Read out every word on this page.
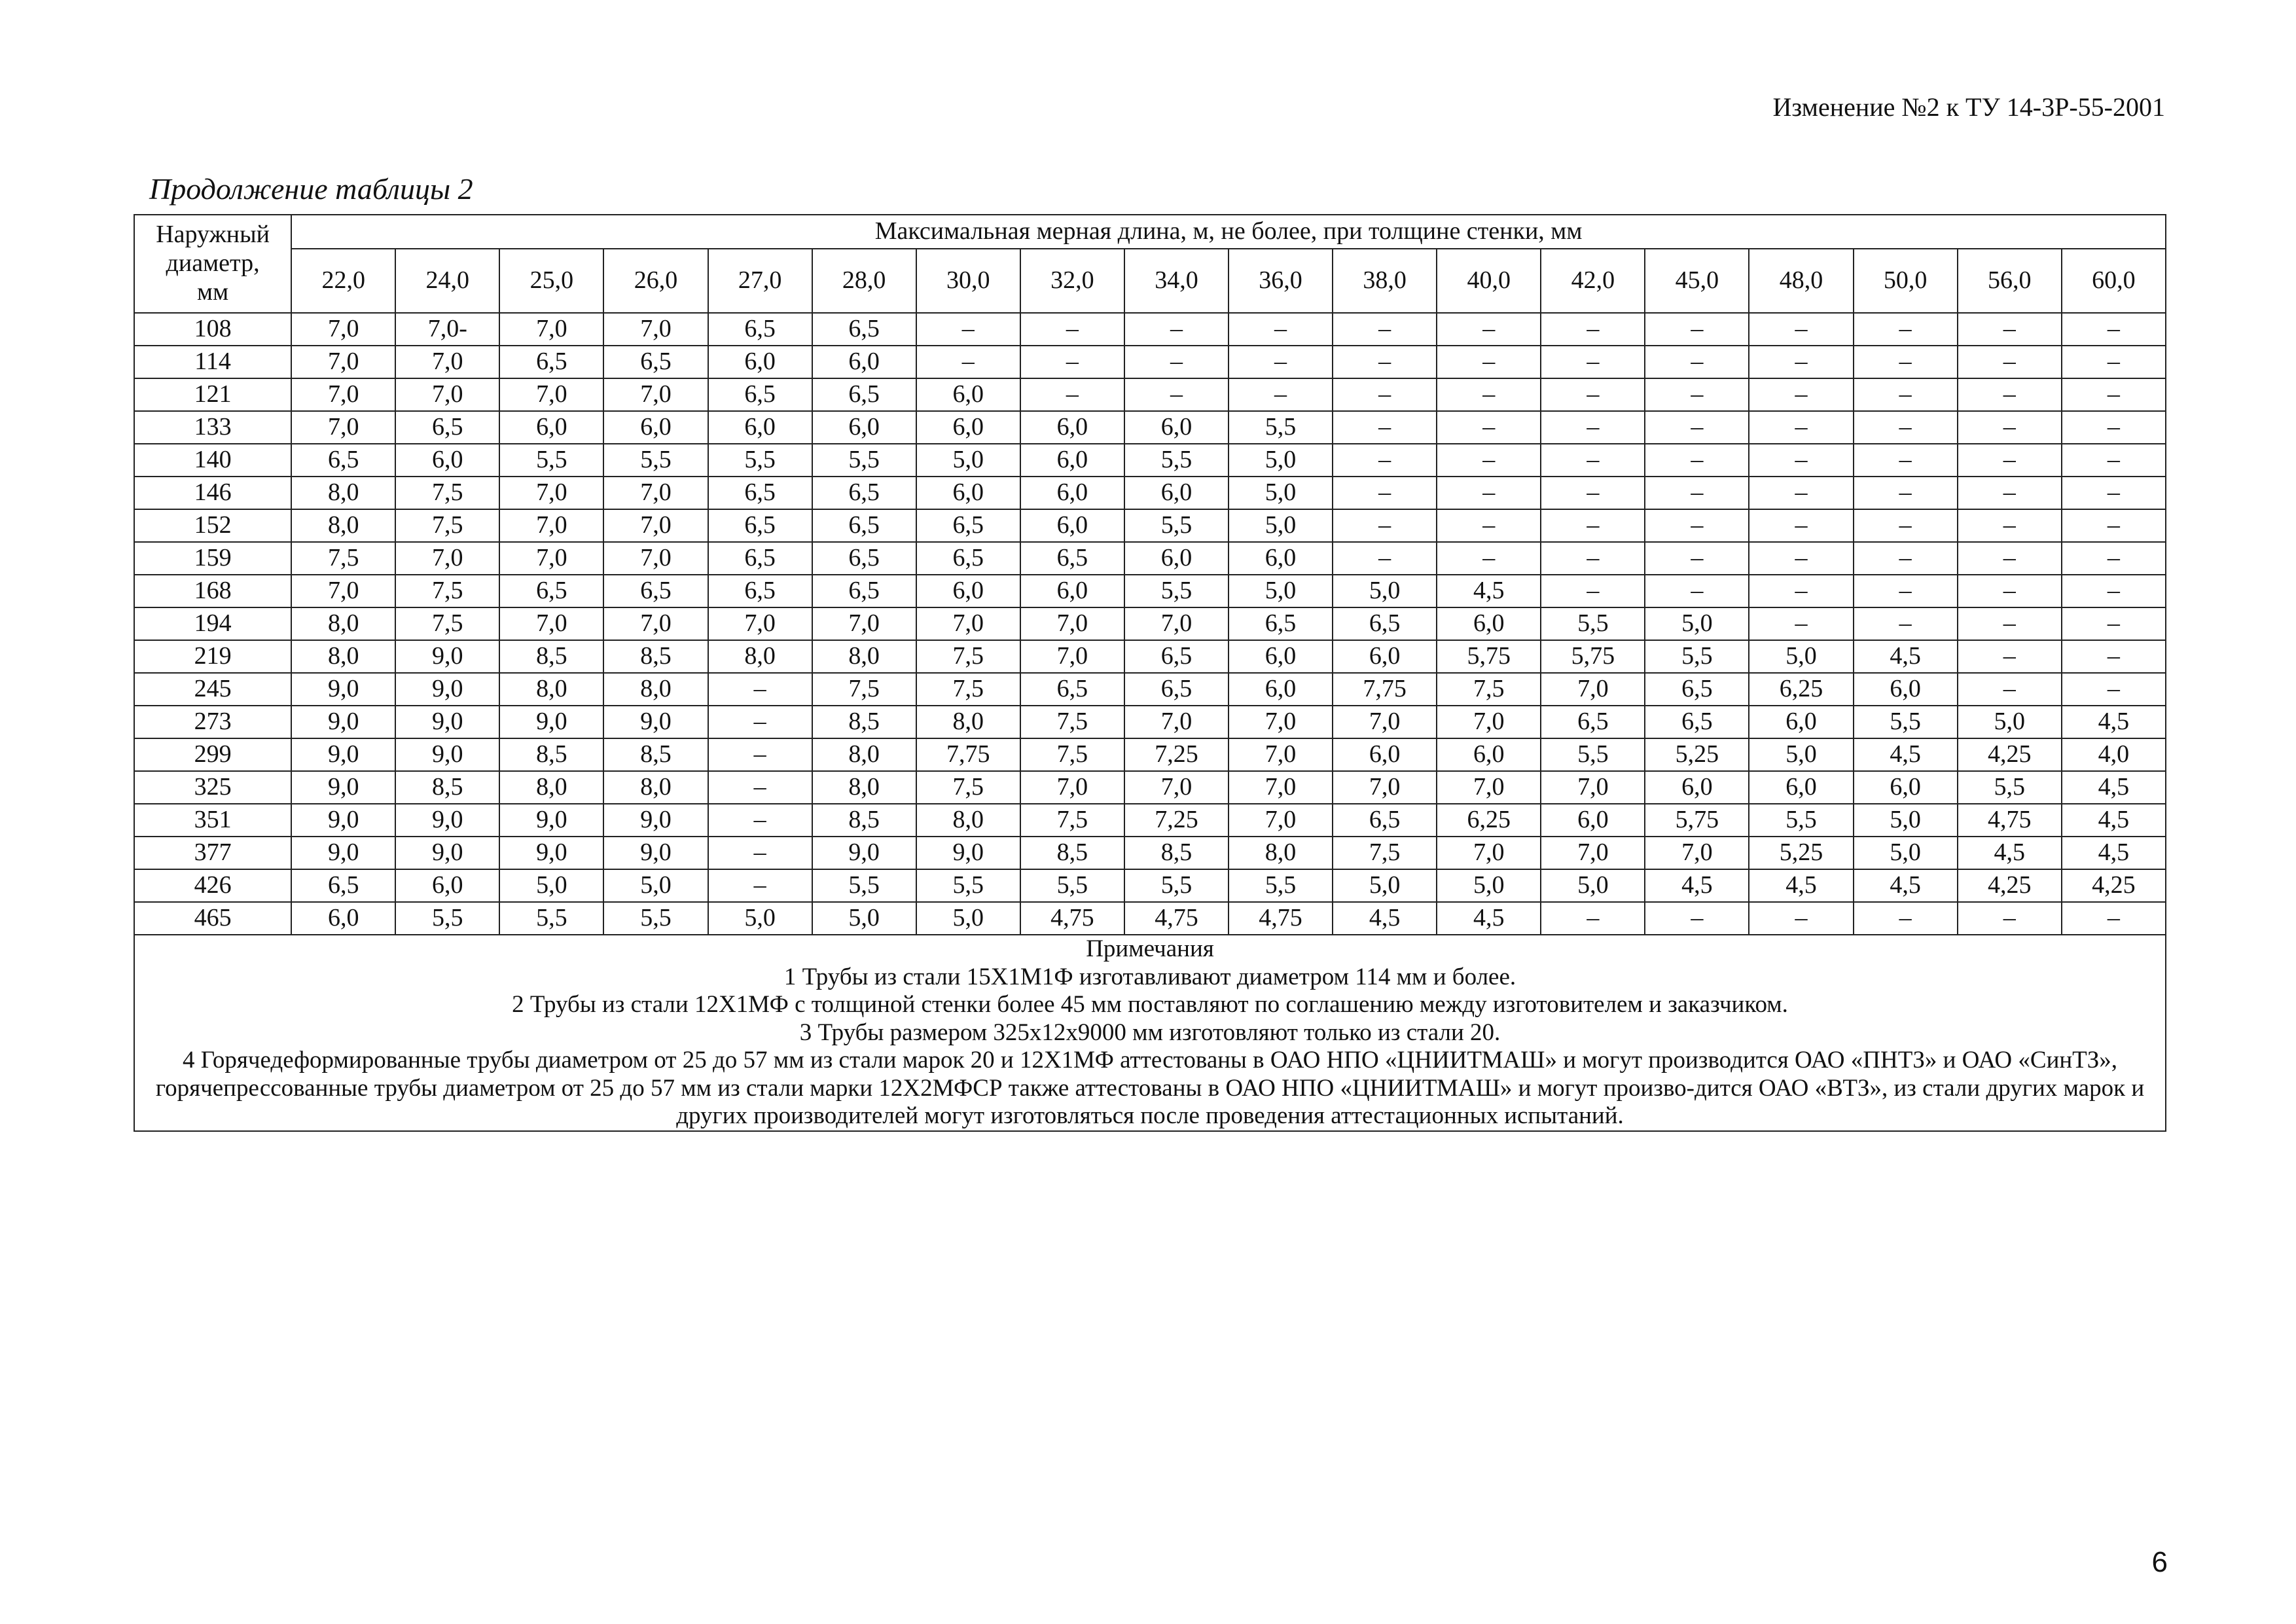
Изменение №2 к ТУ 14-3Р-55-2001
Продолжение таблицы 2
Наружный
диаметр,
мм	Максимальная мерная длина, м, не более, при толщине стенки, мм																	
	22,0	24,0	25,0	26,0	27,0	28,0	30,0	32,0	34,0	36,0	38,0	40,0	42,0	45,0	48,0	50,0	56,0	60,0
108	7,0	7,0-	7,0	7,0	6,5	6,5	–	–	–	–	–	–	–	–	–	–	–	–
114	7,0	7,0	6,5	6,5	6,0	6,0	–	–	–	–	–	–	–	–	–	–	–	–
121	7,0	7,0	7,0	7,0	6,5	6,5	6,0	–	–	–	–	–	–	–	–	–	–	–
133	7,0	6,5	6,0	6,0	6,0	6,0	6,0	6,0	6,0	5,5	–	–	–	–	–	–	–	–
140	6,5	6,0	5,5	5,5	5,5	5,5	5,0	6,0	5,5	5,0	–	–	–	–	–	–	–	–
146	8,0	7,5	7,0	7,0	6,5	6,5	6,0	6,0	6,0	5,0	–	–	–	–	–	–	–	–
152	8,0	7,5	7,0	7,0	6,5	6,5	6,5	6,0	5,5	5,0	–	–	–	–	–	–	–	–
159	7,5	7,0	7,0	7,0	6,5	6,5	6,5	6,5	6,0	6,0	–	–	–	–	–	–	–	–
168	7,0	7,5	6,5	6,5	6,5	6,5	6,0	6,0	5,5	5,0	5,0	4,5	–	–	–	–	–	–
194	8,0	7,5	7,0	7,0	7,0	7,0	7,0	7,0	7,0	6,5	6,5	6,0	5,5	5,0	–	–	–	–
219	8,0	9,0	8,5	8,5	8,0	8,0	7,5	7,0	6,5	6,0	6,0	5,75	5,75	5,5	5,0	4,5	–	–
245	9,0	9,0	8,0	8,0	–	7,5	7,5	6,5	6,5	6,0	7,75	7,5	7,0	6,5	6,25	6,0	–	–
273	9,0	9,0	9,0	9,0	–	8,5	8,0	7,5	7,0	7,0	7,0	7,0	6,5	6,5	6,0	5,5	5,0	4,5
299	9,0	9,0	8,5	8,5	–	8,0	7,75	7,5	7,25	7,0	6,0	6,0	5,5	5,25	5,0	4,5	4,25	4,0
325	9,0	8,5	8,0	8,0	–	8,0	7,5	7,0	7,0	7,0	7,0	7,0	7,0	6,0	6,0	6,0	5,5	4,5
351	9,0	9,0	9,0	9,0	–	8,5	8,0	7,5	7,25	7,0	6,5	6,25	6,0	5,75	5,5	5,0	4,75	4,5
377	9,0	9,0	9,0	9,0	–	9,0	9,0	8,5	8,5	8,0	7,5	7,0	7,0	7,0	5,25	5,0	4,5	4,5
426	6,5	6,0	5,0	5,0	–	5,5	5,5	5,5	5,5	5,5	5,0	5,0	5,0	4,5	4,5	4,5	4,25	4,25
465	6,0	5,5	5,5	5,5	5,0	5,0	5,0	4,75	4,75	4,75	4,5	4,5	–	–	–	–	–	–

Примечания
1 Трубы из стали 15Х1М1Ф изготавливают диаметром 114 мм и более.
2 Трубы из стали 12Х1МФ с толщиной стенки более 45 мм поставляют по соглашению между изготовителем и заказчиком.
3 Трубы размером 325х12х9000 мм изготовляют только из стали 20.
4 Горячедеформированные трубы диаметром от 25 до 57 мм из стали марок 20 и 12Х1МФ аттестованы в ОАО НПО «ЦНИИТМАШ» и могут производится ОАО «ПНТЗ» и ОАО «СинТЗ», горячепрессованные трубы диаметром от 25 до 57 мм из стали марки 12Х2МФСР также аттестованы в ОАО НПО «ЦНИИТМАШ» и могут произво-дится ОАО «ВТЗ», из стали других марок и других производителей могут изготовляться после проведения аттестационных испытаний.																		
6
